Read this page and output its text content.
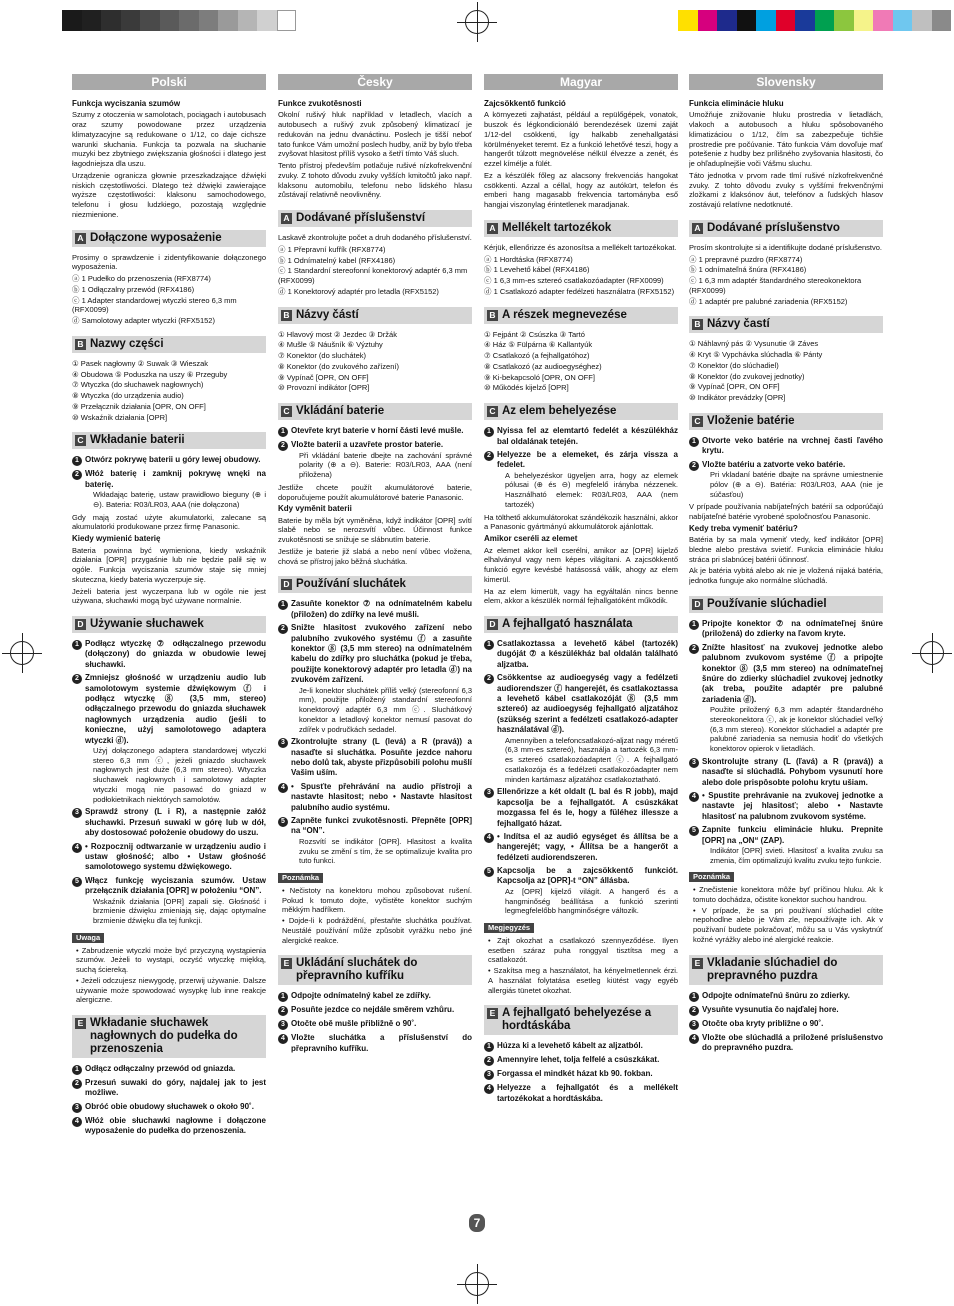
Polski
Funkcja wyciszania szumów
Szumy z otoczenia w samolotach, pociągach i autobusach oraz szumy powodowane przez urządzenia klimatyzacyjne są redukowane o 1/12, co daje cichsze warunki słuchania. Funkcja ta pozwala na słuchanie muzyki bez zbytniego zwiększania głośności i dlatego jest łagodniejsza dla uszu.
Urządzenie ogranicza głownie przeszkadzające dźwięki niskich częstotliwości. Dlatego też dźwięki zawierające wyższe częstotliwości: klaksonu samochodowego, telefonu i głosu ludzkiego, pozostają względnie niezmienione.
A Dołączone wyposażenie
Prosimy o sprawdzenie i zidentyfikowanie dołączonego wyposażenia.
ⓐ 1 Pudełko do przenoszenia (RFX8774)
ⓑ 1 Odłączalny przewód (RFX4186)
ⓒ 1 Adapter standardowej wtyczki stereo 6,3 mm (RFX0099)
ⓓ Samolotowy adapter wtyczki (RFX5152)
B Nazwy części
① Pasek nagłowny ② Suwak ③ Wieszak
④ Obudowa ⑤ Poduszka na uszy ⑥ Przeguby
⑦ Wtyczka (do słuchawek nagłownych)
⑧ Wtyczka (do urządzenia audio)
⑨ Przełącznik działania [OPR, ON OFF]
⑩ Wskaźnik działania [OPR]
C Wkładanie baterii
1 Otwórz pokrywę baterii u góry lewej obudowy.
2 Włóż baterię i zamknij pokrywę wnęki na baterię.
Wkładając baterię, ustaw prawidłowo bieguny (⊕ i ⊖). Bateria: R03/LR03, AAA (nie dołączona)
Gdy mają zostać użyte akumulatorki, zalecane są akumulatorki produkowane przez firmę Panasonic.
Kiedy wymienić baterię
Bateria powinna być wymieniona, kiedy wskaźnik działania [OPR] przygaśnie lub nie będzie palił się w ogóle. Funkcja wyciszania szumów staje się mniej skuteczna, kiedy bateria wyczerpuje się.
Jeżeli bateria jest wyczerpana lub w ogóle nie jest używana, słuchawki mogą być używane normalnie.
D Używanie słuchawek
1 Podłącz wtyczkę ⑦ odłączalnego przewodu (dołączony) do gniazda w obudowie lewej słuchawki.
2 Zmniejsz głośność w urządzeniu audio lub samolotowym systemie dźwiękowym ⓕ i podłącz wtyczkę ⑧ (3,5 mm, stereo) odłączalnego przewodu do gniazda słuchawek nagłownych urządzenia audio (jeśli to konieczne, użyj samolotowego adaptera wtyczki ⓓ).
Użyj dołączonego adaptera standardowej wtyczki stereo 6,3 mm ⓒ, jeżeli gniazdo słuchawek nagłownych jest duże (6,3 mm stereo). Wtyczka słuchawek nagłownych i samolotowy adapter wtyczki mogą nie pasować do gniazd w podłokietnikach niektórych samolotów.
3 Sprawdź strony (L i R), a następnie załóż słuchawki. Przesuń suwaki w górę lub w dół, aby dostosować położenie obudowy do uszu.
4 • Rozpocznij odtwarzanie w urządzeniu audio i ustaw głośność; albo • Ustaw głośność samolotowego systemu dźwiękowego.
5 Włącz funkcję wyciszania szumów. Ustaw przełącznik działania [OPR] w położeniu “ON”.
Wskaźnik działania [OPR] zapali się. Głośność i brzmienie dźwięku zmieniają się, dając optymalne brzmienie dźwięku dla tej funkcji.
Uwaga
• Zabrudzenie wtyczki może być przyczyną wystąpienia szumów. Jeżeli to wystąpi, oczyść wtyczkę miękką, suchą ściereką.
• Jeżeli odczujesz niewygodę, przerwij używanie. Dalsze używanie może spowodować wysypkę lub inne reakcje alergiczne.
E Wkładanie słuchawek nagłownych do pudełka do przenoszenia
1 Odłącz odłączalny przewód od gniazda.
2 Przesuń suwaki do góry, najdalej jak to jest możliwe.
3 Obróć obie obudowy słuchawek o około 90˚.
4 Włóż obie słuchawki nagłowne i dołączone wyposażenie do pudełka do przenoszenia.
Česky
Funkce zvukotěsnosti
Okolní rušivý hluk například v letadlech, vlacích a autobusech a rušivý zvuk způsobený klimatizací je redukován na jednu dvanáctinu. Poslech je tišší neboť tato funkce Vám umožní poslech hudby, aniž by bylo třeba zvyšovat hlasitost přílíš vysoko a šetří tímto Váš sluch.
Tento přístroj především potlačuje rušivé nízkofrekvenční zvuky. Z tohoto důvodu zvuky vyšších kmitočtů jako např. klaksonu automobilu, telefonu nebo lidského hlasu zůstávají relativně neovlivněny.
A Dodávané příslušenství
Laskavě zkontrolujte počet a druh dodaného příslušenství.
ⓐ 1 Přepravní kufřík (RFX8774)
ⓑ 1 Odnímatelný kabel (RFX4186)
ⓒ 1 Standardní stereofonní konektorový adaptér 6,3 mm (RFX0099)
ⓓ 1 Konektorový adaptér pro letadla (RFX5152)
B Názvy částí
① Hlavový most ② Jezdec ③ Držák
④ Mušle ⑤ Náušník ⑥ Výztuhy
⑦ Konektor (do sluchátek)
⑧ Konektor (do zvukového zařízení)
⑨ Vypínač [OPR, ON OFF]
⑩ Provozní indikátor [OPR]
C Vkládání baterie
1 Otevřete kryt baterie v horní části levé mušle.
2 Vložte baterii a uzavřete prostor baterie.
Při vkládání baterie dbejte na zachování správné polarity (⊕ a ⊖). Baterie: R03/LR03, AAA (není přiložena)
Jestliže chcete použít akumulátorové baterie, doporučujeme použít akumulátorové baterie Panasonic.
Kdy vyměnit baterii
Baterie by měla být vyměněna, když indikátor [OPR] svítí slabě nebo se nerozsvítí vůbec. Účinnost funkce zvukotěsnosti se snižuje se slábnutím baterie.
Jestliže je baterie již slabá a nebo není vůbec vložena, chová se přístroj jako běžná sluchátka.
D Používání sluchátek
1 Zasuňte konektor ⑦ na odnímatelném kabelu (přiložen) do zdířky na levé mušli.
2 Snižte hlasitost zvukového zařízení nebo palubního zvukového systému ⓕ a zasuňte konektor ⑧ (3,5 mm stereo) na odnímatelném kabelu do zdířky pro sluchátka (pokud je třeba, použijte konektorový adaptér pro letadla ⓓ) na zvukovém zařízení.
Je-li konektor sluchátek příliš velký (stereofonní 6,3 mm), použijte přiložený standardní stereofonní konektorový adaptér 6,3 mm ⓒ. Sluchátkový konektor a letadlový konektor nemusí pasovat do zdířek v područkách sedadel.
3 Zkontrolujte strany (L (levá) a R (pravá)) a nasaďte si sluchátka. Posuňte jezdce nahoru nebo dolů tak, abyste přizpůsobili polohu mušlí Vašim uším.
4 • Spusťte přehrávání na audio přístroji a nastavte hlasitost; nebo • Nastavte hlasitost palubního audio systému.
5 Zapněte funkci zvukotěsnosti. Přepněte [OPR] na “ON”.
Rozsvítí se indikátor [OPR]. Hlasitost a kvalita zvuku se změní s tím, že se optimalizuje kvalita pro tuto funkci.
Poznámka
• Nečistoty na konektoru mohou způsobovat rušení. Pokud k tomuto dojte, vyčistěte konektor suchým měkkým hadříkem.
• Dojde-li k podráždění, přestaňte sluchátka používat. Neustálé používání může způsobit vyrážku nebo jiné alergické reakce.
E Ukládání sluchátek do přepravního kufříku
1 Odpojte odnímatelný kabel ze zdířky.
2 Posuňte jezdce co nejdále směrem vzhůru.
3 Otočte obě mušle přibližně o 90˚.
4 Vložte sluchátka a příslušenství do přepravního kufříku.
Magyar
Zajcsökkentő funkció
A környezeti zajhatást, például a repülőgépek, vonatok, buszok és légkondicionáló berendezések üzemi zaját 1/12-del csökkenti, így halkabb zenehallgatási körülményeket teremt. Ez a funkció lehetővé teszi, hogy a hangerőt túlzott megnövelése nélkül élvezze a zenét, és ezzel kímélje a fülét.
Ez a készülék főleg az alacsony frekvenciás hangokat csökkenti. Azzal a céllal, hogy az autókürt, telefon és emberi hang magasabb frekvencia tartományba eső hangjai viszonylag érintetlenek maradjanak.
A Mellékelt tartozékok
Kérjük, ellenőrizze és azonosítsa a mellékelt tartozékokat.
ⓐ 1 Hordtáska (RFX8774)
ⓑ 1 Levehető kábel (RFX4186)
ⓒ 1 6,3 mm-es sztereó csatlakozóadapter (RFX0099)
ⓓ 1 Csatlakozó adapter fedélzeti használatra (RFX5152)
B A részek megnevezése
① Fejpánt ② Csúszka ③ Tartó
④ Ház ⑤ Fülpárna ⑥ Kallantyúk
⑦ Csatlakozó (a fejhallgatóhoz)
⑧ Csatlakozó (az audioegységhez)
⑨ Ki-bekapcsoló [OPR, ON OFF]
⑩ Működés kijelző [OPR]
C Az elem behelyezése
1 Nyissa fel az elemtartó fedelét a készülékház bal oldalának tetején.
2 Helyezze be a elemeket, és zárja vissza a fedelet.
A behelyezéskor ügyeljen arra, hogy az elemek pólusai (⊕ és ⊖) megfelelő irányba nézzenek. Használható elemek: R03/LR03, AAA (nem tartozék)
Ha tölthető akkumulátorokat szándékozik használni, akkor a Panasonic gyártmányú akkumulátorok ajánlottak.
Amikor cseréli az elemet
Az elemet akkor kell cserélni, amikor az [OPR] kijelző elhalványul vagy nem képes világítani. A zajcsökkentő funkció egyre kevésbé hatásossá válik, ahogy az elem kimerül.
Ha az elem kimerült, vagy ha egyáltalán nincs benne elem, akkor a készülék normál fejhallgatóként működik.
D A fejhallgató használata
1 Csatlakoztassa a levehető kábel (tartozék) dugóját ⑦ a készülékház bal oldalán található aljzatba.
2 Csökkentse az audioegység vagy a fedélzeti audiorendszer ⓕ hangerejét, és csatlakoztassa a levehető kábel csatlakozóját ⑧ (3,5 mm sztereó) az audioegység fejhallgató aljzatához (szükség szerint a fedélzeti csatlakozó-adapter használatával ⓓ).
Amennyiben a telefoncsatlakozó-aljzat nagy méretű (6,3 mm-es sztereó), használja a tartozék 6,3 mm-es sztereó csatlakozóadaptert ⓒ. A fejhallgató csatlakozója és a fedélzeti csatlakozóadapter nem minden kartámasz aljzatához csatlakoztatható.
3 Ellenőrizze a két oldalt (L bal és R jobb), majd kapcsolja be a fejhallgatót. A csúszkákat mozgassa fel és le, hogy a füléhez illessze a fejhallgató házat.
4 • Indítsa el az audió egységet és állítsa be a hangerejét; vagy, • Állítsa be a hangerőt a fedélzeti audiorendszeren.
5 Kapcsolja be a zajcsökkentő funkciót. Kapcsolja az [OPR]-t “ON” állásba.
Az [OPR] kijelző világít. A hangerő és a hangminőség beállítása a funkció szerinti legmegfelelőbb hangminőségre változik.
Megjegyzés
• Zajt okozhat a csatlakozó szennyeződése. Ilyen esetben száraz puha ronggyal tisztítsa meg a csatlakozót.
• Szakítsa meg a használatot, ha kényelmetlennek érzi. A használat folytatása esetleg kiütést vagy egyéb allergiás tünetet okozhat.
E A fejhallgató behelyezése a hordtáskába
1 Húzza ki a levehető kábelt az aljzatból.
2 Amennyire lehet, tolja felfelé a csúszkákat.
3 Forgassa el mindkét házat kb 90. fokban.
4 Helyezze a fejhallgatót és a mellékelt tartozékokat a hordtáskába.
Slovensky
Funkcia eliminácie hluku
Umožňuje znižovanie hluku prostredia v lietadlách, vlakoch a autobusoch a hluku spôsobovaného klimatizáciou o 1/12, čím sa zabezpečuje tichšie prostredie pre počúvanie. Táto funkcia Vám dovoľuje mať potešenie z hudby bez prílišného zvyšovania hlasitosti, čo je ohľaduplnejšie voči Vášmu sluchu.
Táto jednotka v prvom rade tlmí rušivé nízkofrekvenčné zvuky. Z tohto dôvodu zvuky s vyššími frekvenčnými zložkami z klaksónov áut, telefónov a ľudských hlasov zostávajú relatívne nedotknuté.
A Dodávané príslušenstvo
Prosím skontrolujte si a identifikujte dodané príslušenstvo.
ⓐ 1 prepravné puzdro (RFX8774)
ⓑ 1 odnímateľná šnúra (RFX4186)
ⓒ 1 6,3 mm adaptér štandardného stereokonektora (RFX0099)
ⓓ 1 adaptér pre palubné zariadenia (RFX5152)
B Názvy častí
① Náhlavný pás ② Vysunutie ③ Záves
④ Kryt ⑤ Vypchávka slúchadla ⑥ Pánty
⑦ Konektor (do slúchadiel)
⑧ Konektor (do zvukovej jednotky)
⑨ Vypínač [OPR, ON OFF]
⑩ Indikátor prevádzky [OPR]
C Vloženie batérie
1 Otvorte veko batérie na vrchnej časti ľavého krytu.
2 Vložte batériu a zatvorte veko batérie.
Pri vkladaní batérie dbajte na správne umiestnenie pólov (⊕ a ⊖). Batéria: R03/LR03, AAA (nie je súčasťou)
V prípade používania nabíjateľných batérií sa odporúčajú nabíjateľné batérie vyrobené spoločnosťou Panasonic.
Kedy treba vymeniť batériu?
Batéria by sa mala vymeniť vtedy, keď indikátor [OPR] bledne alebo prestáva svietiť. Funkcia eliminácie hluku stráca pri slabnúcej batérii účinnosť.
Ak je batéria vybitá alebo ak nie je vložená nijaká batéria, jednotka funguje ako normálne slúchadlá.
D Používanie slúchadiel
1 Pripojte konektor ⑦ na odnímateľnej šnúre (priložená) do zdierky na ľavom kryte.
2 Znížte hlasitosť na zvukovej jednotke alebo palubnom zvukovom systéme ⓕ a pripojte konektor ⑧ (3,5 mm stereo) na odnímateľnej šnúre do zdierky slúchadiel zvukovej jednotky (ak treba, použite adaptér pre palubné zariadenia ⓓ).
Použite priložený 6,3 mm adaptér štandardného stereokonektora ⓒ, ak je konektor slúchadiel veľký (6,3 mm stereo). Konektor slúchadiel a adaptér pre palubné zariadenia sa nemusia hodiť do všetkých konektorov opierok v lietadlách.
3 Skontrolujte strany (L (ľavá) a R (pravá)) a nasaďte si slúchadlá. Pohybom vysunutí hore alebo dole prispôsobte polohu krytu ušiam.
4 • Spustite prehrávanie na zvukovej jednotke a nastavte jej hlasitosť; alebo • Nastavte hlasitosť na palubnom zvukovom systéme.
5 Zapnite funkciu eliminácie hluku. Prepnite [OPR] na „ON“ (ZAP).
Indikátor [OPR] svieti. Hlasitosť a kvalita zvuku sa zmenia, čím optimalizujú kvalitu zvuku tejto funkcie.
Poznámka
• Znečistenie konektora môže byť príčinou hluku. Ak k tomuto dochádza, očistite konektor suchou handrou.
• V prípade, že sa pri používaní slúchadiel cítite nepohodlne alebo je Vám zle, nepoužívajte ich. Ak v používaní budete pokračovať, môžu sa u Vás vyskytnúť kožné vyrážky alebo iné alergické reakcie.
E Vkladanie slúchadiel do prepravného puzdra
1 Odpojte odnímateľnú šnúru zo zdierky.
2 Vysuňte vysunutia čo najďalej hore.
3 Otočte oba kryty približne o 90˚.
4 Vložte obe slúchadlá a priložené príslušenstvo do prepravného puzdra.
7
